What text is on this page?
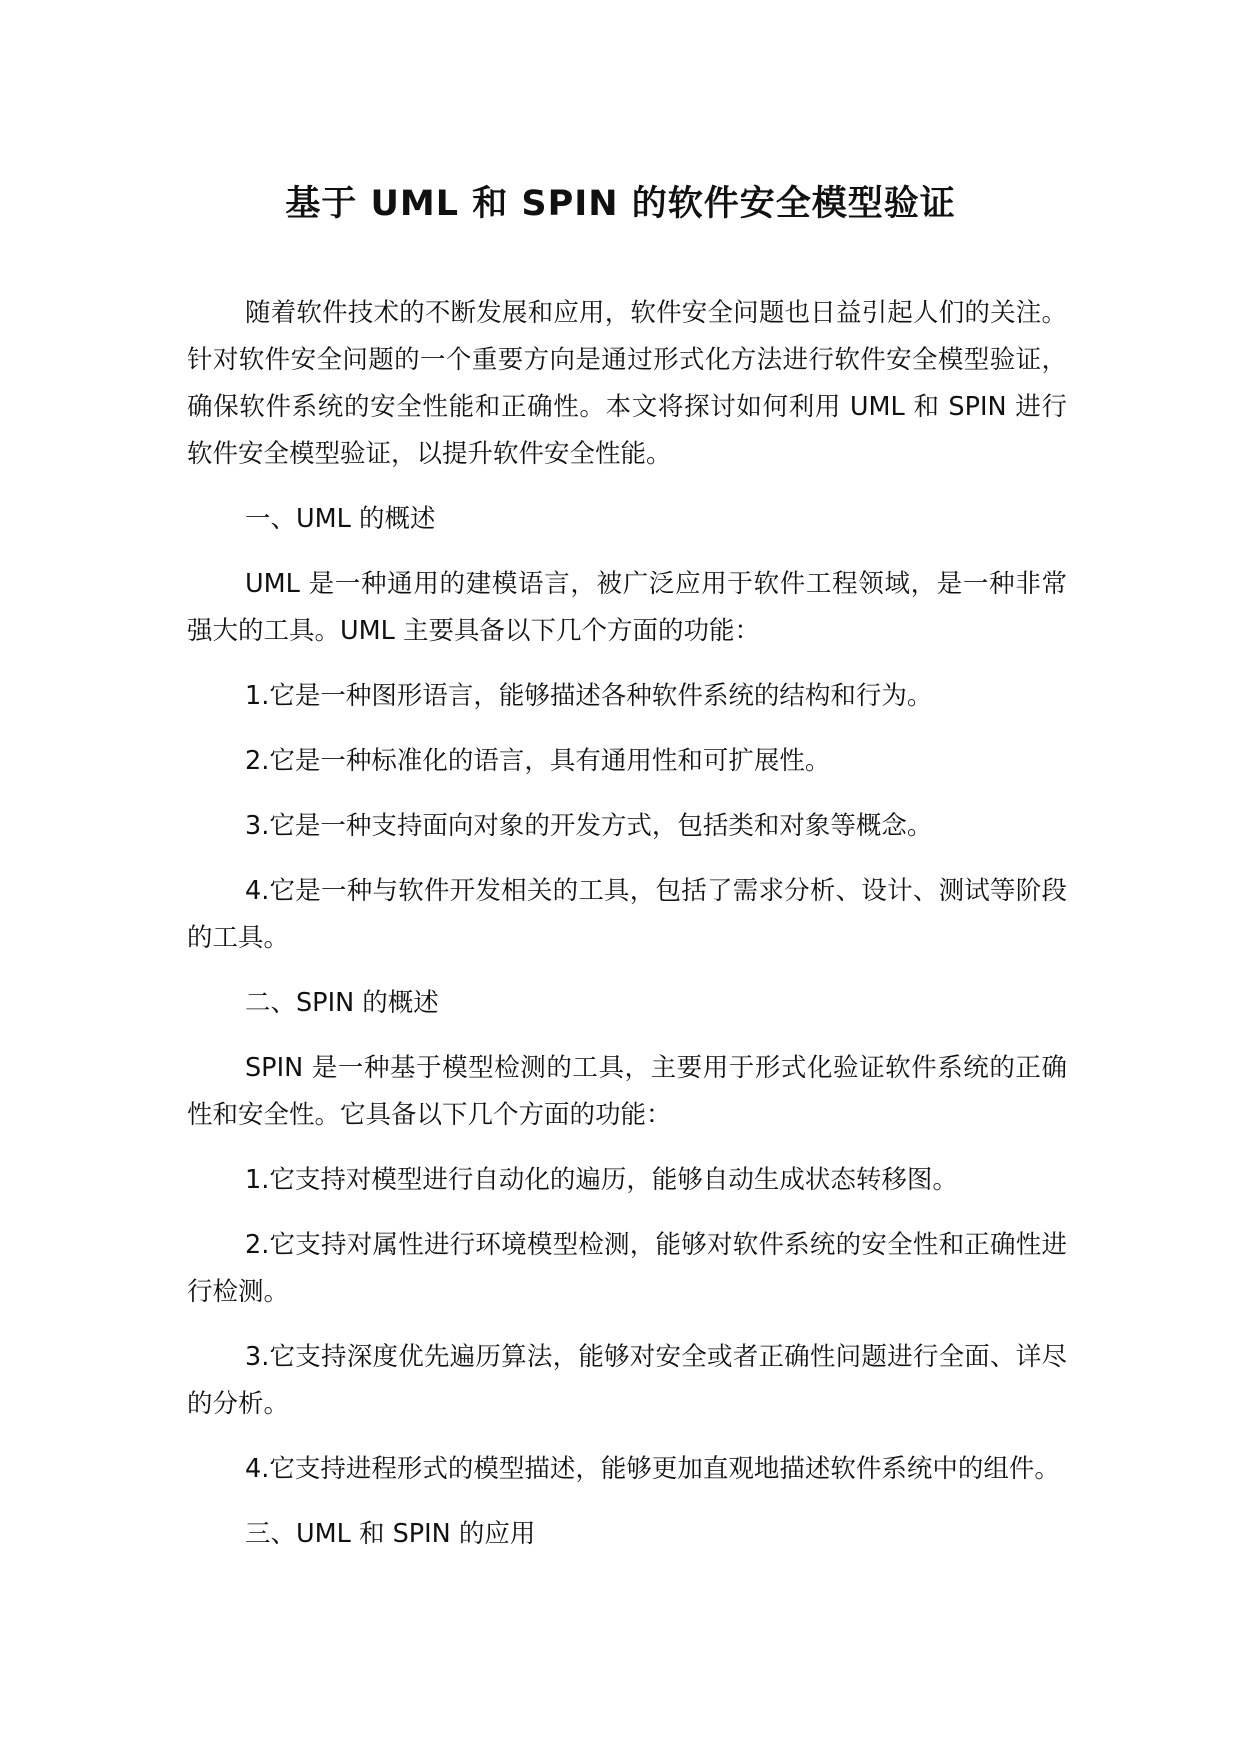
基于 UML 和 SPIN 的软件安全模型验证

随着软件技术的不断发展和应用，软件安全问题也日益引起人们的关注。针对软件安全问题的一个重要方向是通过形式化方法进行软件安全模型验证，确保软件系统的安全性能和正确性。本文将探讨如何利用 UML 和 SPIN 进行软件安全模型验证，以提升软件安全性能。

一、UML 的概述

UML 是一种通用的建模语言，被广泛应用于软件工程领域，是一种非常强大的工具。UML 主要具备以下几个方面的功能：

1.它是一种图形语言，能够描述各种软件系统的结构和行为。

2.它是一种标准化的语言，具有通用性和可扩展性。

3.它是一种支持面向对象的开发方式，包括类和对象等概念。

4.它是一种与软件开发相关的工具，包括了需求分析、设计、测试等阶段的工具。

二、SPIN 的概述

SPIN 是一种基于模型检测的工具，主要用于形式化验证软件系统的正确性和安全性。它具备以下几个方面的功能：

1.它支持对模型进行自动化的遍历，能够自动生成状态转移图。

2.它支持对属性进行环境模型检测，能够对软件系统的安全性和正确性进行检测。

3.它支持深度优先遍历算法，能够对安全或者正确性问题进行全面、详尽的分析。

4.它支持进程形式的模型描述，能够更加直观地描述软件系统中的组件。

三、UML 和 SPIN 的应用
